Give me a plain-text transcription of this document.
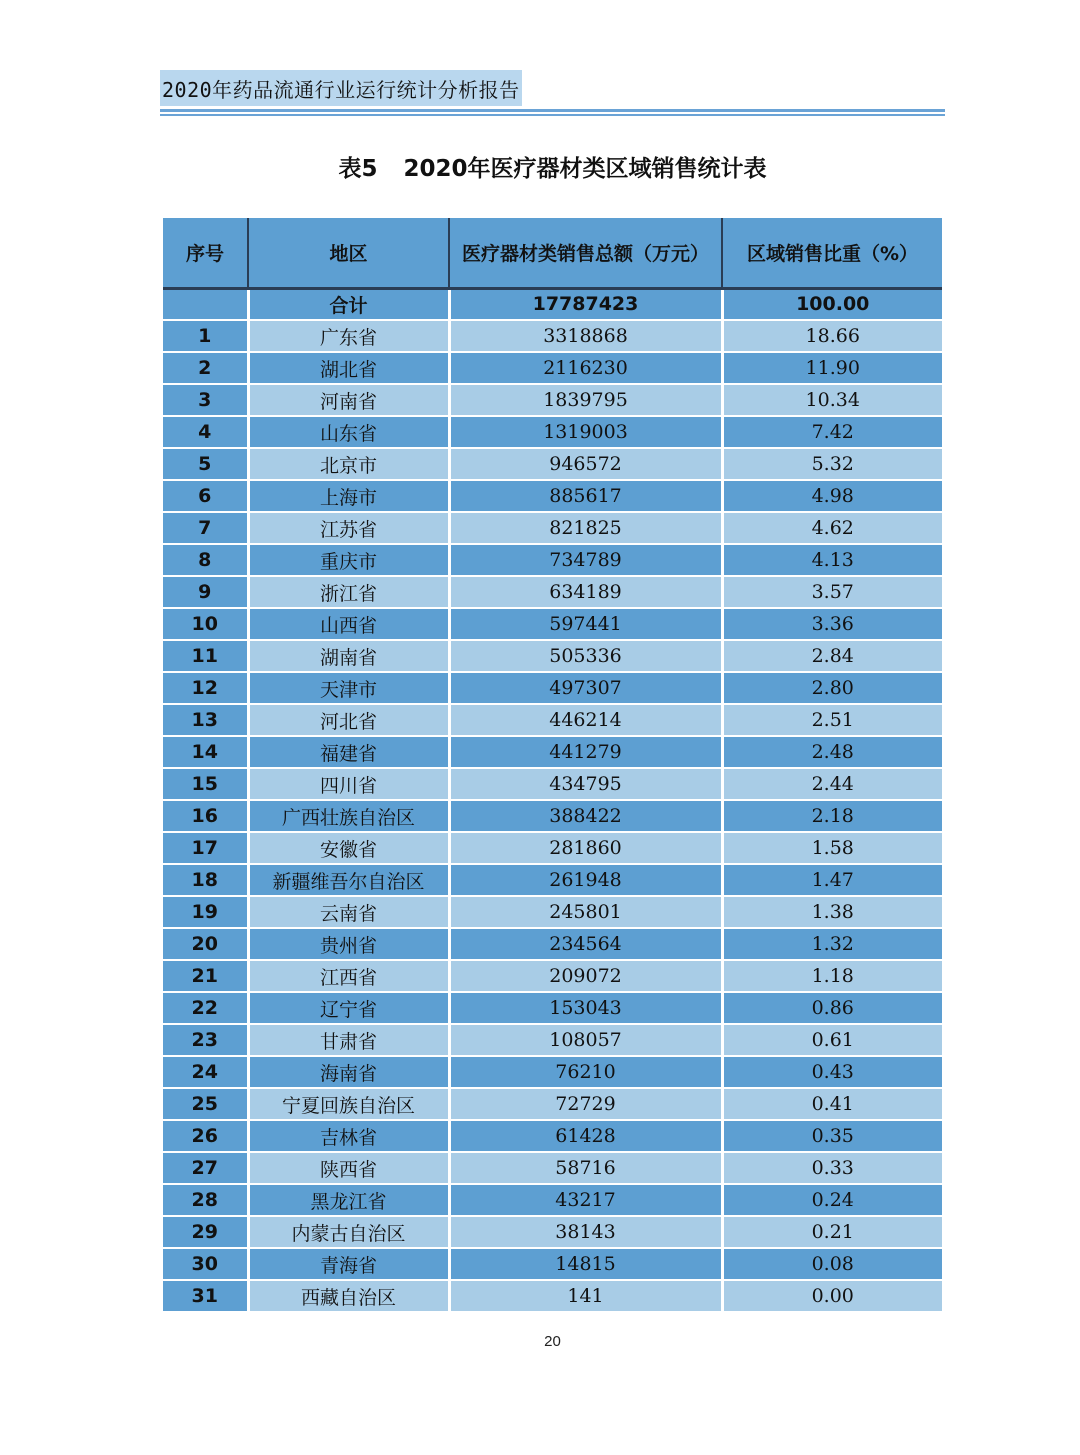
2020年药品流通行业运行统计分析报告
表5 2020年医疗器材类区域销售统计表
序号	地区	医疗器材类销售总额（万元）	区域销售比重（%）
	合计	17787423	100.00
1	广东省	3318868	18.66
2	湖北省	2116230	11.90
3	河南省	1839795	10.34
4	山东省	1319003	7.42
5	北京市	946572	5.32
6	上海市	885617	4.98
7	江苏省	821825	4.62
8	重庆市	734789	4.13
9	浙江省	634189	3.57
10	山西省	597441	3.36
11	湖南省	505336	2.84
12	天津市	497307	2.80
13	河北省	446214	2.51
14	福建省	441279	2.48
15	四川省	434795	2.44
16	广西壮族自治区	388422	2.18
17	安徽省	281860	1.58
18	新疆维吾尔自治区	261948	1.47
19	云南省	245801	1.38
20	贵州省	234564	1.32
21	江西省	209072	1.18
22	辽宁省	153043	0.86
23	甘肃省	108057	0.61
24	海南省	76210	0.43
25	宁夏回族自治区	72729	0.41
26	吉林省	61428	0.35
27	陕西省	58716	0.33
28	黑龙江省	43217	0.24
29	内蒙古自治区	38143	0.21
30	青海省	14815	0.08
31	西藏自治区	141	0.00
20
